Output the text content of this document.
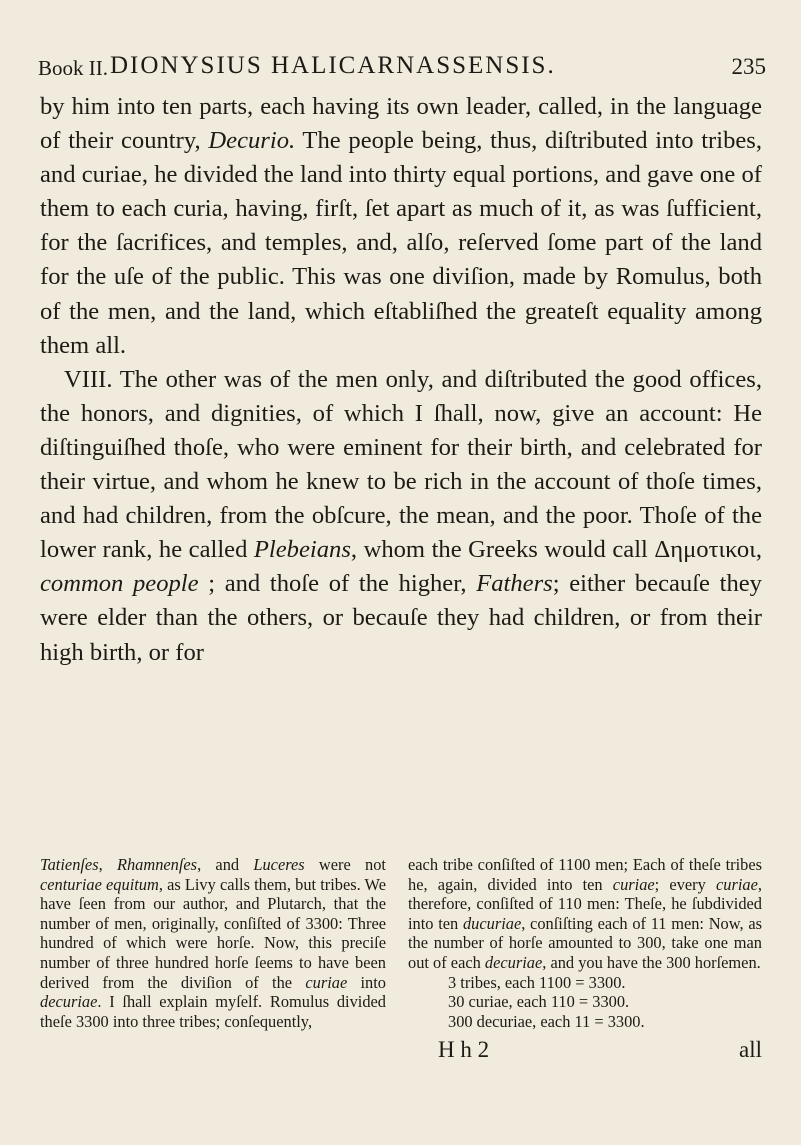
Book II. DIONYSIUS HALICARNASSENSIS.	235

by him into ten parts, each having its own leader, called, in the language of their country, Decurio. The people being, thus, diſtributed into tribes, and curiae, he divided the land into thirty equal portions, and gave one of them to each curia, having, firſt, ſet apart as much of it, as was ſufficient, for the ſacrifices, and temples, and, alſo, reſerved ſome part of the land for the uſe of the public. This was one diviſion, made by Romulus, both of the men, and the land, which eſtabliſhed the greateſt equality among them all.

VIII. The other was of the men only, and diſtributed the good offices, the honors, and dignities, of which I ſhall, now, give an account: He diſtinguiſhed thoſe, who were eminent for their birth, and celebrated for their virtue, and whom he knew to be rich in the account of thoſe times, and had children, from the obſcure, the mean, and the poor. Thoſe of the lower rank, he called Plebeians, whom the Greeks would call Δημοτικοι, common people ; and thoſe of the higher, Fathers; either becauſe they were elder than the others, or becauſe they had children, or from their high birth, or for

Tatienſes, Rhamnenſes, and Luceres were not centuriae equitum, as Livy calls them, but tribes. We have ſeen from our author, and Plutarch, that the number of men, originally, conſiſted of 3300: Three hundred of which were horſe. Now, this preciſe number of three hundred horſe ſeems to have been derived from the diviſion of the curiae into decuriae. I ſhall explain myſelf. Romulus divided theſe 3300 into three tribes; conſequently,

each tribe conſiſted of 1100 men; Each of theſe tribes he, again, divided into ten curiae; every curiae, therefore, conſiſted of 110 men: Theſe, he ſubdivided into ten ducuriae, conſiſting each of 11 men: Now, as the number of horſe amounted to 300, take one man out of each decuriae, and you have the 300 horſemen.

3 tribes, each 1100 = 3300.
30 curiae, each 110 = 3300.
300 decuriae, each 11 = 3300.
H h 2	all
